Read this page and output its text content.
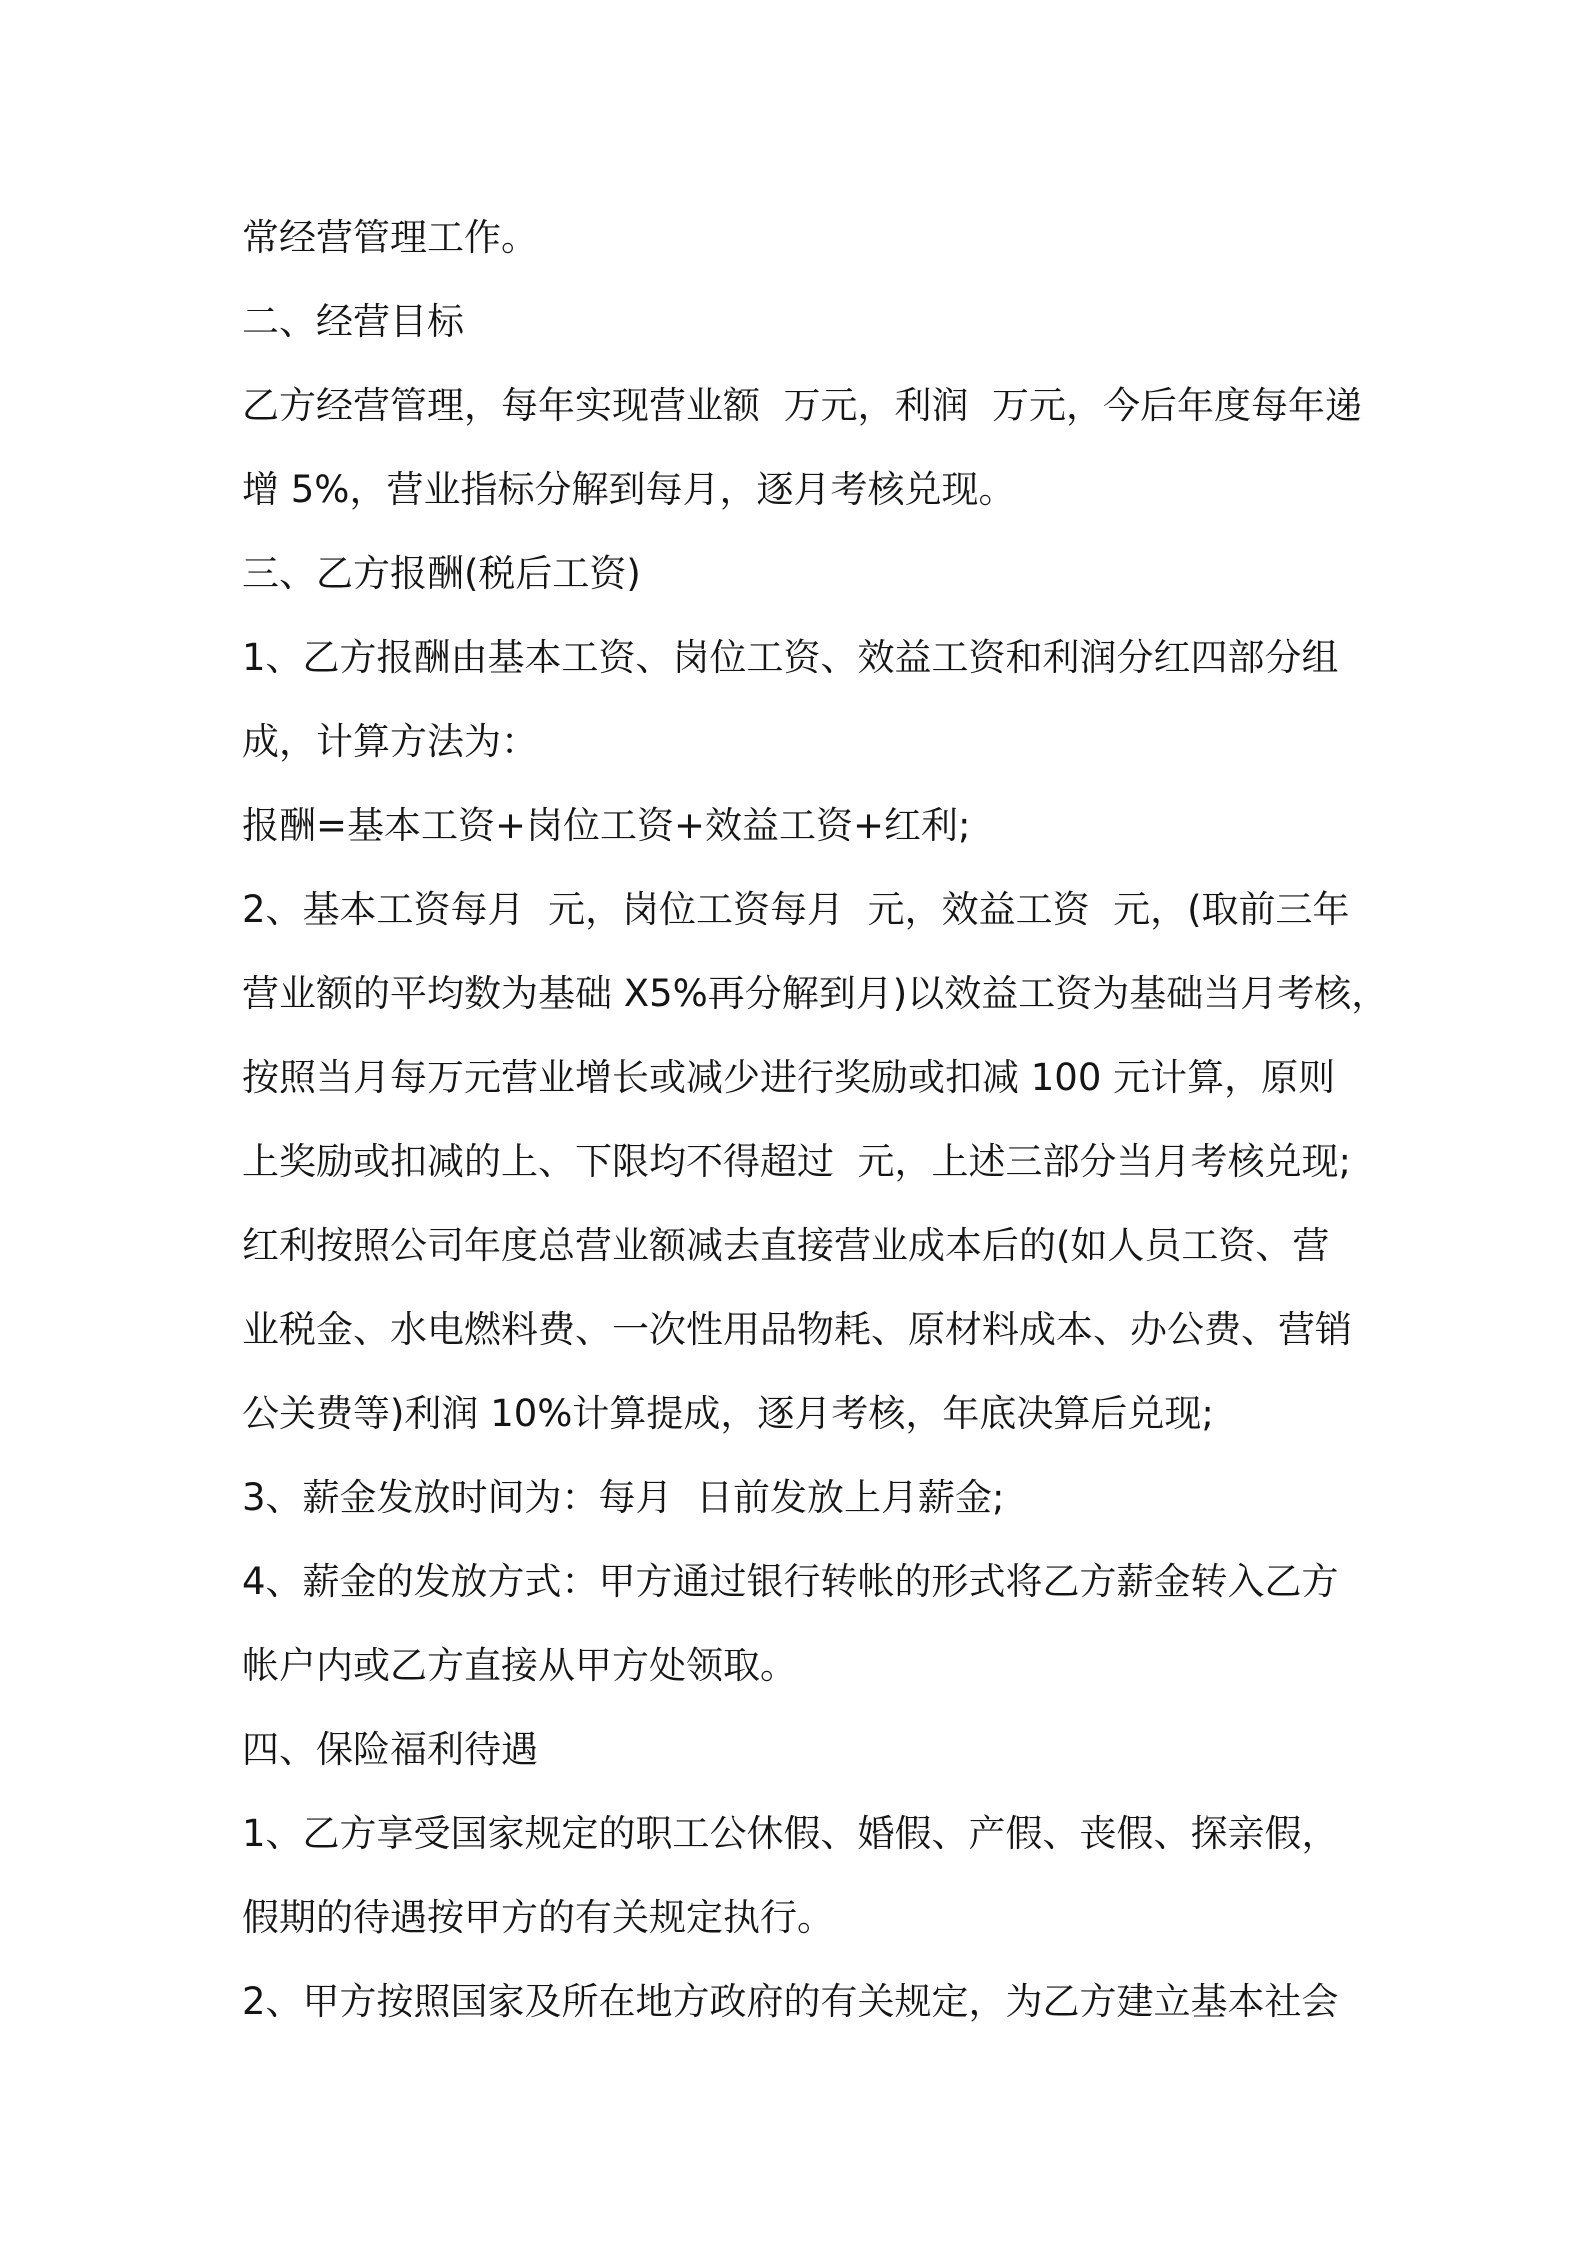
常经营管理工作。
二、经营目标
乙方经营管理，每年实现营业额  万元，利润  万元，今后年度每年递
增 5%，营业指标分解到每月，逐月考核兑现。
三、乙方报酬(税后工资)
1、乙方报酬由基本工资、岗位工资、效益工资和利润分红四部分组
成，计算方法为：
报酬=基本工资+岗位工资+效益工资+红利;
2、基本工资每月  元，岗位工资每月  元，效益工资  元，(取前三年
营业额的平均数为基础 X5%再分解到月)以效益工资为基础当月考核，
按照当月每万元营业增长或减少进行奖励或扣减 100 元计算，原则
上奖励或扣减的上、下限均不得超过  元，上述三部分当月考核兑现;
红利按照公司年度总营业额减去直接营业成本后的(如人员工资、营
业税金、水电燃料费、一次性用品物耗、原材料成本、办公费、营销
公关费等)利润 10%计算提成，逐月考核，年底决算后兑现;
3、薪金发放时间为：每月  日前发放上月薪金;
4、薪金的发放方式：甲方通过银行转帐的形式将乙方薪金转入乙方
帐户内或乙方直接从甲方处领取。
四、保险福利待遇
1、乙方享受国家规定的职工公休假、婚假、产假、丧假、探亲假，
假期的待遇按甲方的有关规定执行。
2、甲方按照国家及所在地方政府的有关规定，为乙方建立基本社会
